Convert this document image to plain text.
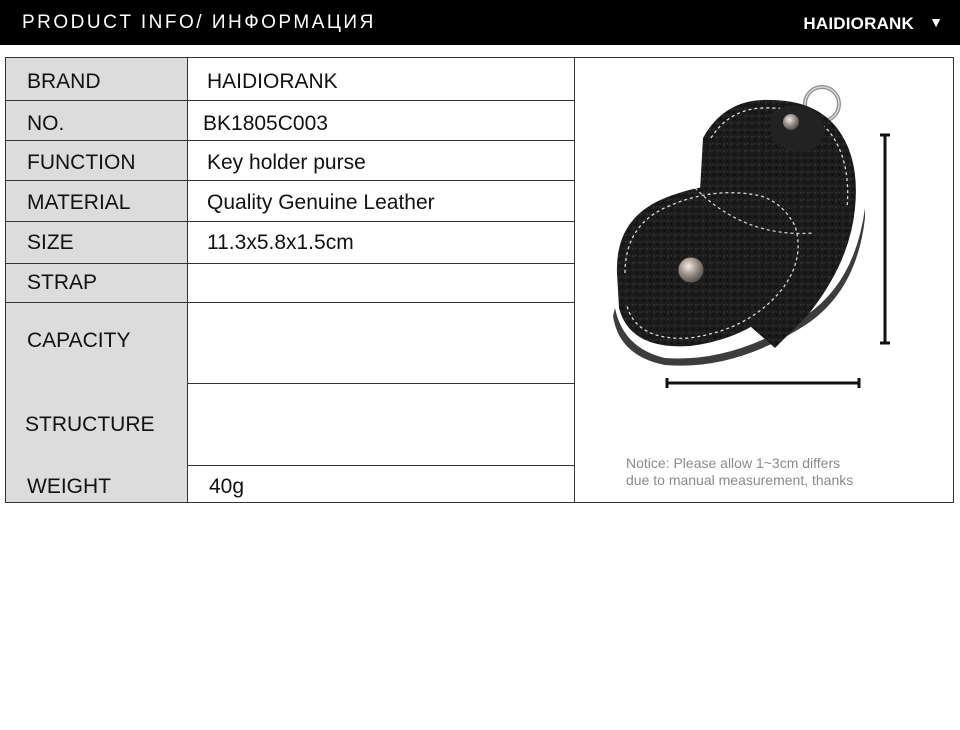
PRODUCT INFO/ ИНФОРМАЦИЯ	HAIDIORANK ▼
BRAND
NO.
FUNCTION
MATERIAL
SIZE
STRAP
CAPACITY
STRUCTURE
WEIGHT
HAIDIORANK
BK1805C003
Key holder purse
Quality Genuine Leather
11.3x5.8x1.5cm
40g
Notice: Please allow 1~3cm differs
due to manual measurement, thanks
